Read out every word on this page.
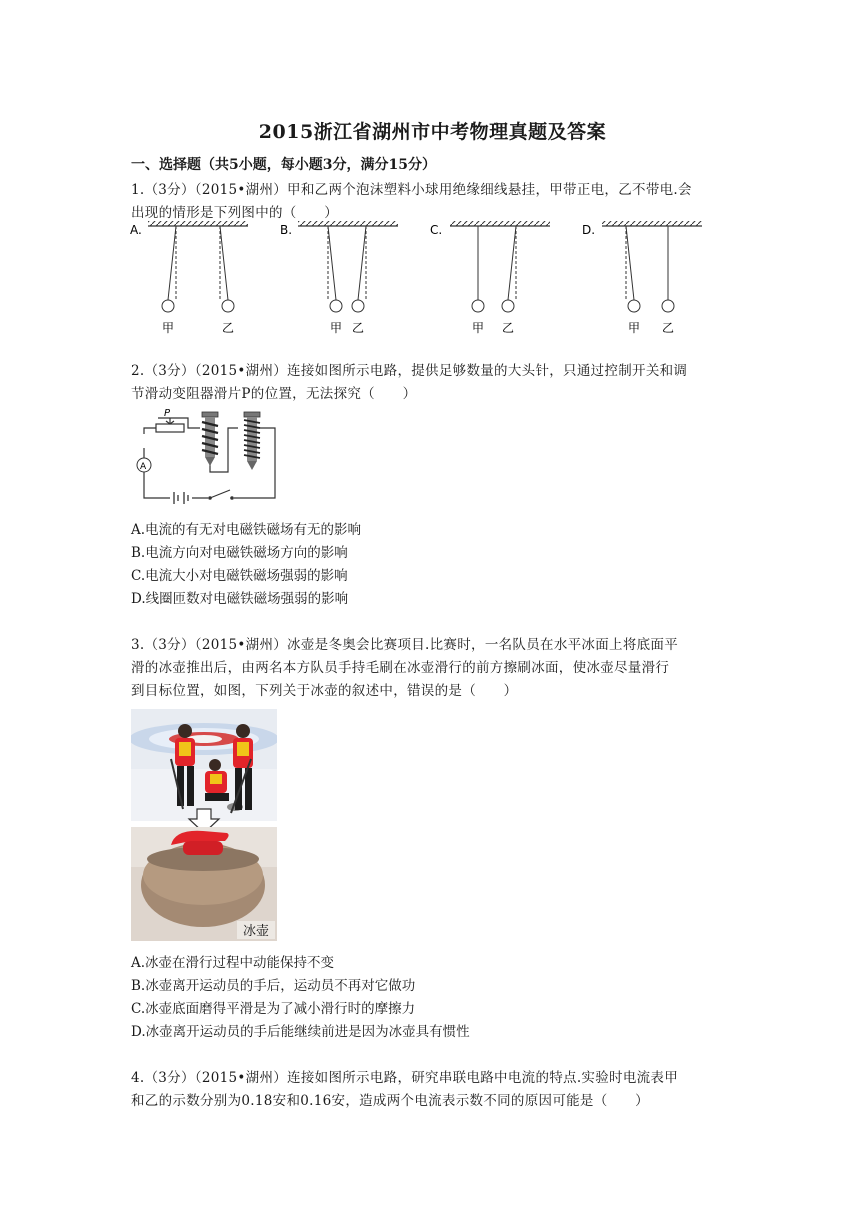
2015浙江省湖州市中考物理真题及答案
一、选择题（共5小题，每小题3分，满分15分）
1.（3分）（2015•湖州）甲和乙两个泡沫塑料小球用绝缘细线悬挂，甲带正电，乙不带电.会
出现的情形是下列图中的（　　）
A.
甲	乙
B.
甲 乙
C.
甲 乙
D.
甲 乙
2.（3分）（2015•湖州）连接如图所示电路，提供足够数量的大头针，只通过控制开关和调
节滑动变阻器滑片P的位置，无法探究（　　）
P
A
A.电流的有无对电磁铁磁场有无的影响
B.电流方向对电磁铁磁场方向的影响
C.电流大小对电磁铁磁场强弱的影响
D.线圈匝数对电磁铁磁场强弱的影响
3.（3分）（2015•湖州）冰壶是冬奥会比赛项目.比赛时，一名队员在水平冰面上将底面平
滑的冰壶推出后，由两名本方队员手持毛刷在冰壶滑行的前方擦刷冰面，使冰壶尽量滑行
到目标位置，如图，下列关于冰壶的叙述中，错误的是（　　）
冰壶
A.冰壶在滑行过程中动能保持不变
B.冰壶离开运动员的手后，运动员不再对它做功
C.冰壶底面磨得平滑是为了减小滑行时的摩擦力
D.冰壶离开运动员的手后能继续前进是因为冰壶具有惯性
4.（3分）（2015•湖州）连接如图所示电路，研究串联电路中电流的特点.实验时电流表甲
和乙的示数分别为0.18安和0.16安，造成两个电流表示数不同的原因可能是（　　）
